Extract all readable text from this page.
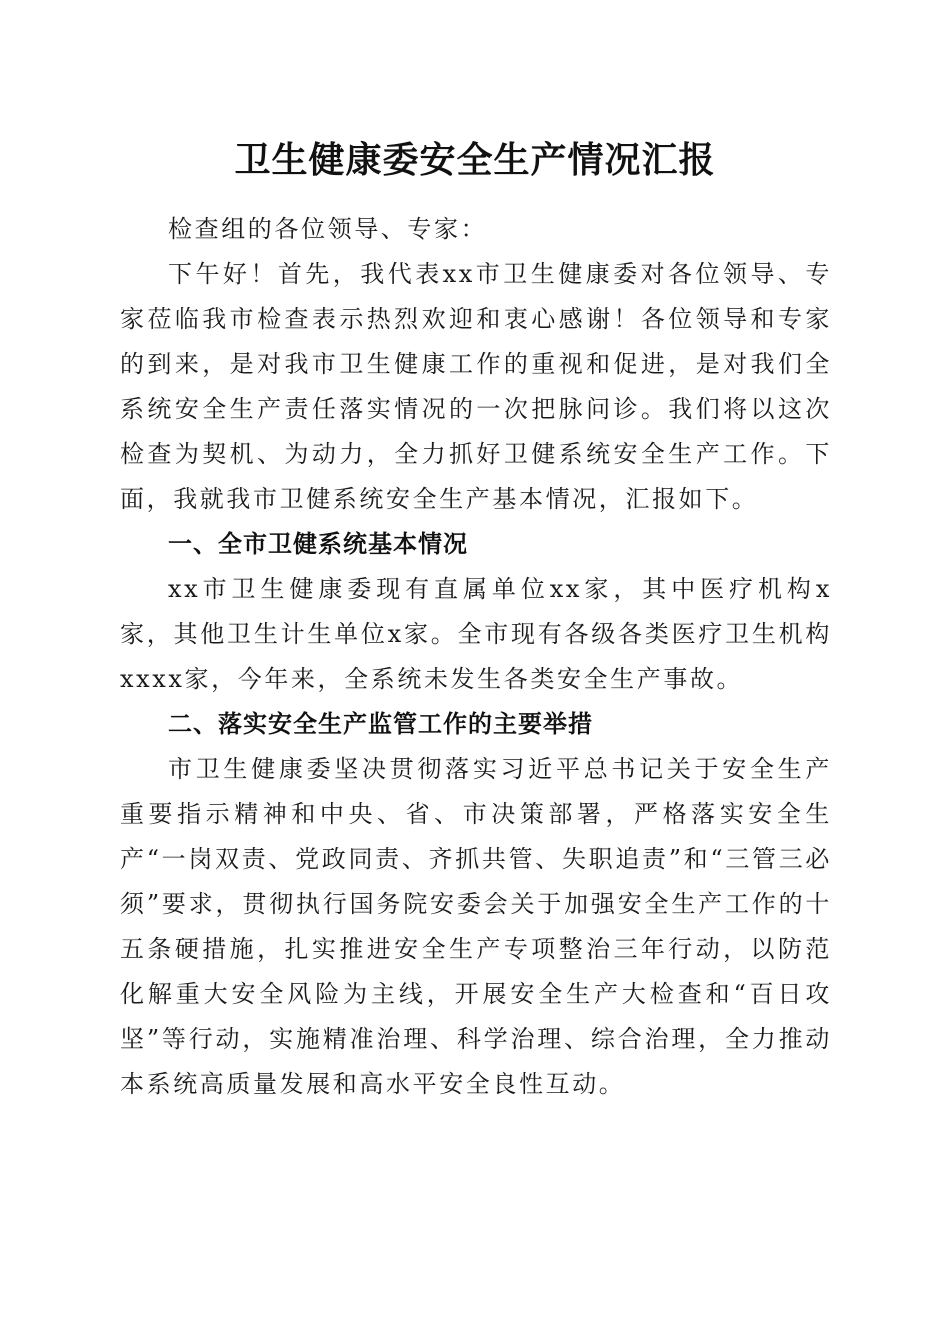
卫生健康委安全生产情况汇报

检查组的各位领导、专家：

下午好！首先，我代表xx市卫生健康委对各位领导、专家莅临我市检查表示热烈欢迎和衷心感谢！各位领导和专家的到来，是对我市卫生健康工作的重视和促进，是对我们全系统安全生产责任落实情况的一次把脉问诊。我们将以这次检查为契机、为动力，全力抓好卫健系统安全生产工作。下面，我就我市卫健系统安全生产基本情况，汇报如下。

一、全市卫健系统基本情况

xx市卫生健康委现有直属单位xx家，其中医疗机构x家，其他卫生计生单位x家。全市现有各级各类医疗卫生机构xxxx家，今年来，全系统未发生各类安全生产事故。

二、落实安全生产监管工作的主要举措

市卫生健康委坚决贯彻落实习近平总书记关于安全生产重要指示精神和中央、省、市决策部署，严格落实安全生产“一岗双责、党政同责、齐抓共管、失职追责”和“三管三必须”要求，贯彻执行国务院安委会关于加强安全生产工作的十五条硬措施，扎实推进安全生产专项整治三年行动，以防范化解重大安全风险为主线，开展安全生产大检查和“百日攻坚”等行动，实施精准治理、科学治理、综合治理，全力推动本系统高质量发展和高水平安全良性互动。
